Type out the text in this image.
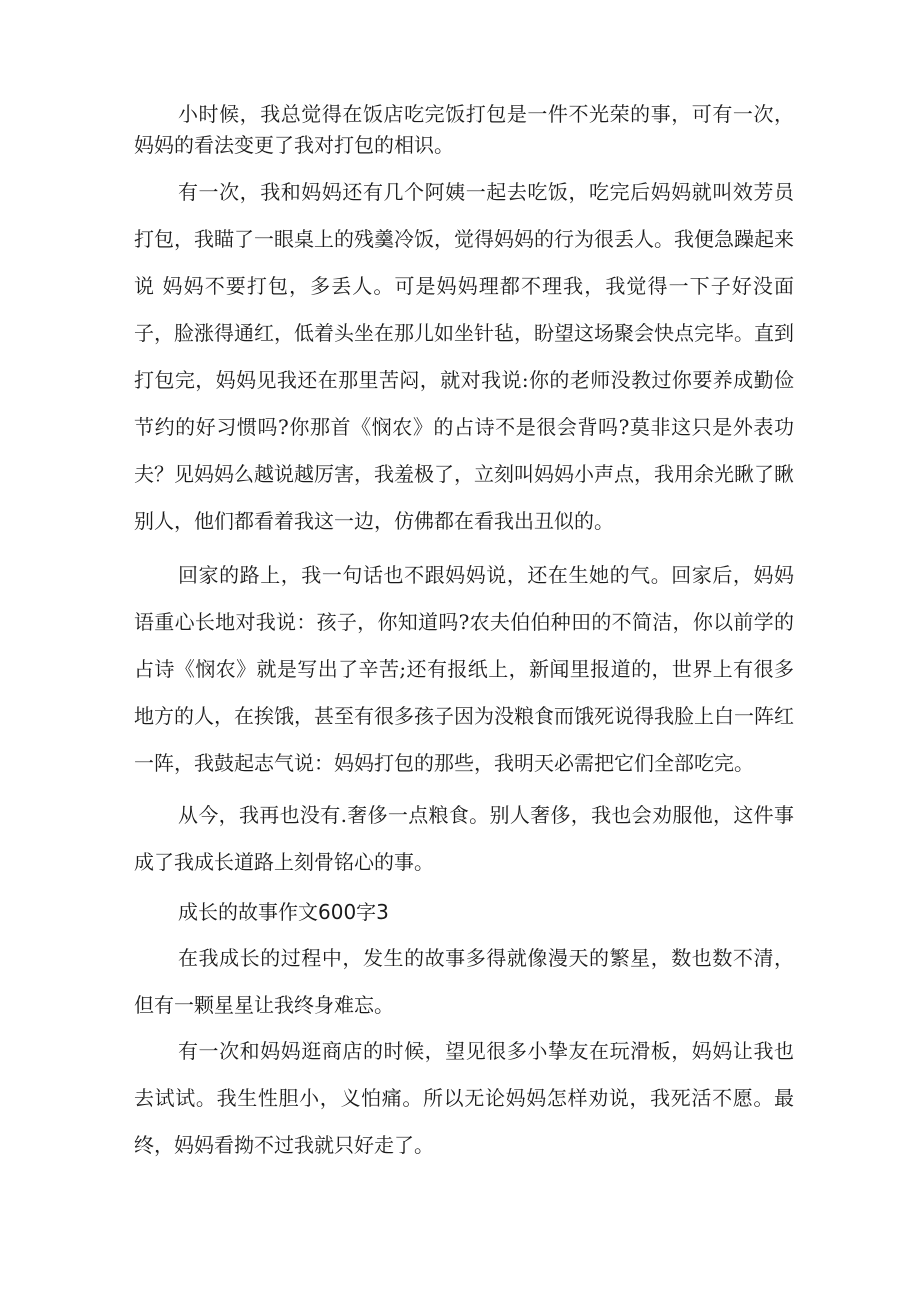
小时候，我总觉得在饭店吃完饭打包是一件不光荣的事，可有一次，妈妈的看法变更了我对打包的相识。

有一次，我和妈妈还有几个阿姨一起去吃饭，吃完后妈妈就叫效芳员打包，我瞄了一眼桌上的残羹冷饭，觉得妈妈的行为很丢人。我便急躁起来说 妈妈不要打包，多丢人。可是妈妈理都不理我，我觉得一下子好没面子，脸涨得通红，低着头坐在那儿如坐针毡，盼望这场聚会快点完毕。直到打包完，妈妈见我还在那里苦闷，就对我说:你的老师没教过你要养成勤俭节约的好习惯吗?你那首《悯农》的占诗不是很会背吗?莫非这只是外表功夫？见妈妈么越说越厉害，我羞极了，立刻叫妈妈小声点，我用余光瞅了瞅别人，他们都看着我这一边，仿佛都在看我出丑似的。

回家的路上，我一句话也不跟妈妈说，还在生她的气。回家后，妈妈语重心长地对我说：孩子，你知道吗?农夫伯伯种田的不简洁，你以前学的占诗《悯农》就是写出了辛苦;还有报纸上，新闻里报道的，世界上有很多地方的人，在挨饿，甚至有很多孩子因为没粮食而饿死说得我脸上白一阵红一阵，我鼓起志气说：妈妈打包的那些，我明天必需把它们全部吃完。

从今，我再也没有.奢侈一点粮食。别人奢侈，我也会劝服他，这件事成了我成长道路上刻骨铭心的事。

成长的故事作文600字3

在我成长的过程中，发生的故事多得就像漫天的繁星，数也数不清，但有一颗星星让我终身难忘。

有一次和妈妈逛商店的时候，望见很多小挚友在玩滑板，妈妈让我也去试试。我生性胆小，义怕痛。所以无论妈妈怎样劝说，我死活不愿。最终，妈妈看拗不过我就只好走了。
